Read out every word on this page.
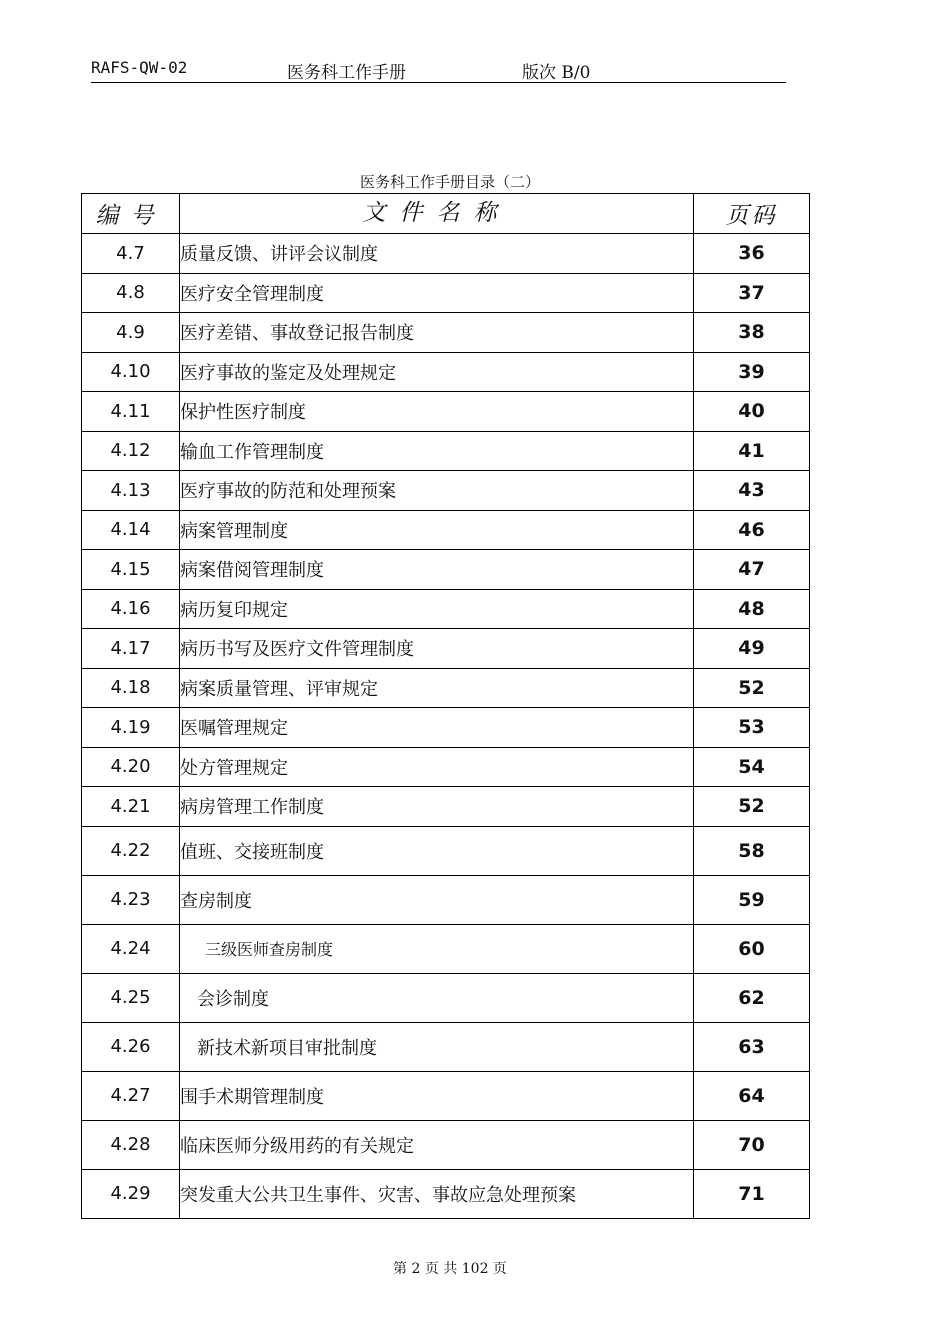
RAFS-QW-02	医务科工作手册	版次 B/0
医务科工作手册目录（二）
编号	文件名称	页码
4.7	质量反馈、讲评会议制度	36
4.8	医疗安全管理制度	37
4.9	医疗差错、事故登记报告制度	38
4.10	医疗事故的鉴定及处理规定	39
4.11	保护性医疗制度	40
4.12	输血工作管理制度	41
4.13	医疗事故的防范和处理预案	43
4.14	病案管理制度	46
4.15	病案借阅管理制度	47
4.16	病历复印规定	48
4.17	病历书写及医疗文件管理制度	49
4.18	病案质量管理、评审规定	52
4.19	医嘱管理规定	53
4.20	处方管理规定	54
4.21	病房管理工作制度	52
4.22	值班、交接班制度	58
4.23	查房制度	59
4.24	三级医师查房制度	60
4.25	会诊制度	62
4.26	新技术新项目审批制度	63
4.27	围手术期管理制度	64
4.28	临床医师分级用药的有关规定	70
4.29	突发重大公共卫生事件、灾害、事故应急处理预案	71
第 2 页 共 102 页
